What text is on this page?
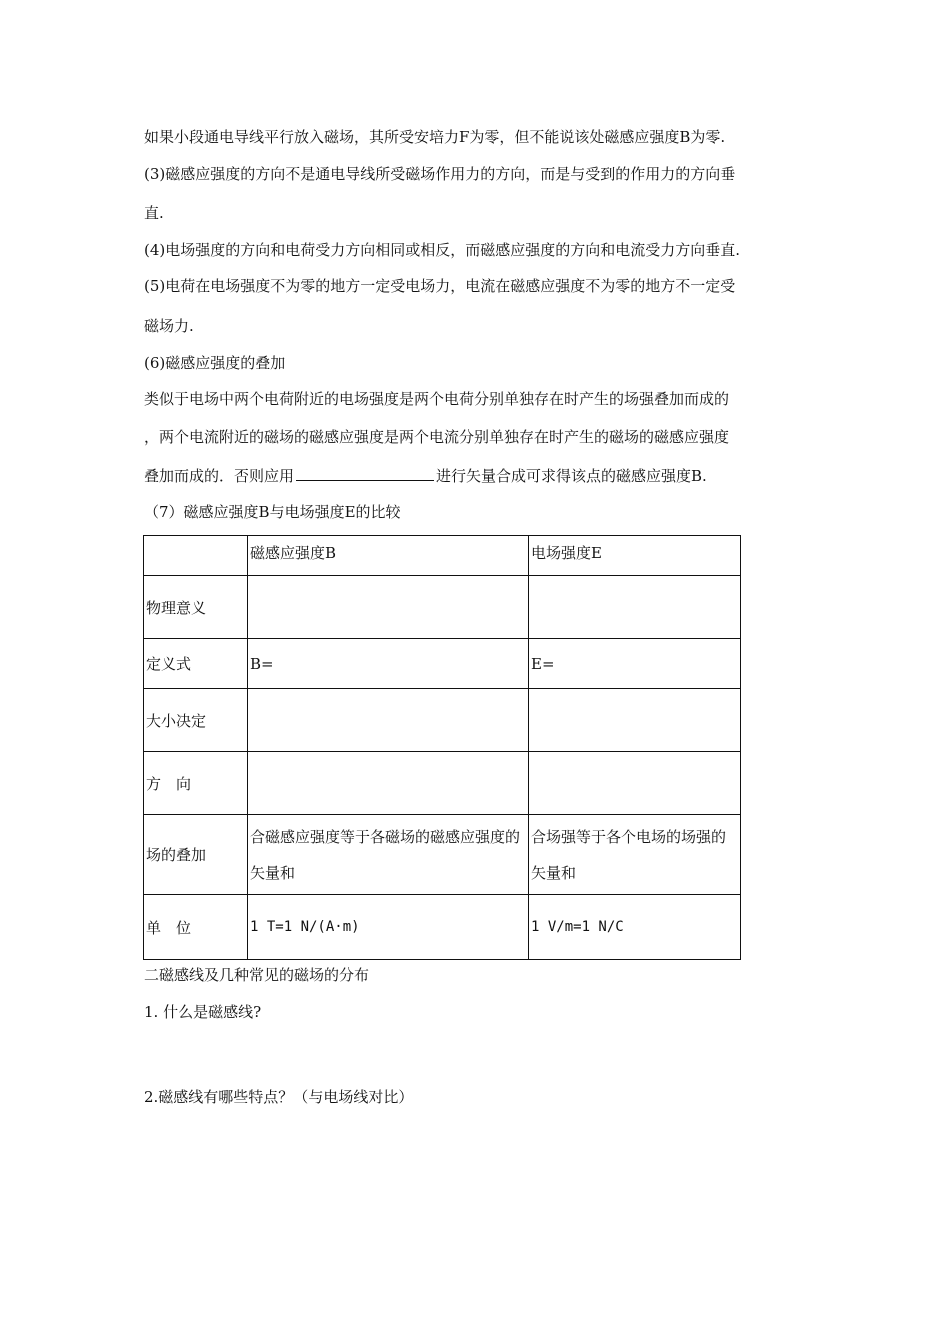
如果小段通电导线平行放入磁场，其所受安培力F为零，但不能说该处磁感应强度B为零.
(3)磁感应强度的方向不是通电导线所受磁场作用力的方向，而是与受到的作用力的方向垂
直.
(4)电场强度的方向和电荷受力方向相同或相反，而磁感应强度的方向和电流受力方向垂直.
(5)电荷在电场强度不为零的地方一定受电场力，电流在磁感应强度不为零的地方不一定受
磁场力.
(6)磁感应强度的叠加
类似于电场中两个电荷附近的电场强度是两个电荷分别单独存在时产生的场强叠加而成的
，两个电流附近的磁场的磁感应强度是两个电流分别单独存在时产生的磁场的磁感应强度
叠加而成的．否则应用	进行矢量合成可求得该点的磁感应强度B.
（7）磁感应强度B与电场强度E的比较
	磁感应强度B	电场强度E
物理意义		
定义式	B=	E=
大小决定		
方　向		
场的叠加	合磁感应强度等于各磁场的磁感应强度的矢量和	合场强等于各个电场的场强的矢量和
单　位	1 T=1 N/(A·m)	1 V/m=1 N/C
二磁感线及几种常见的磁场的分布
1. 什么是磁感线?
2.磁感线有哪些特点？（与电场线对比）
